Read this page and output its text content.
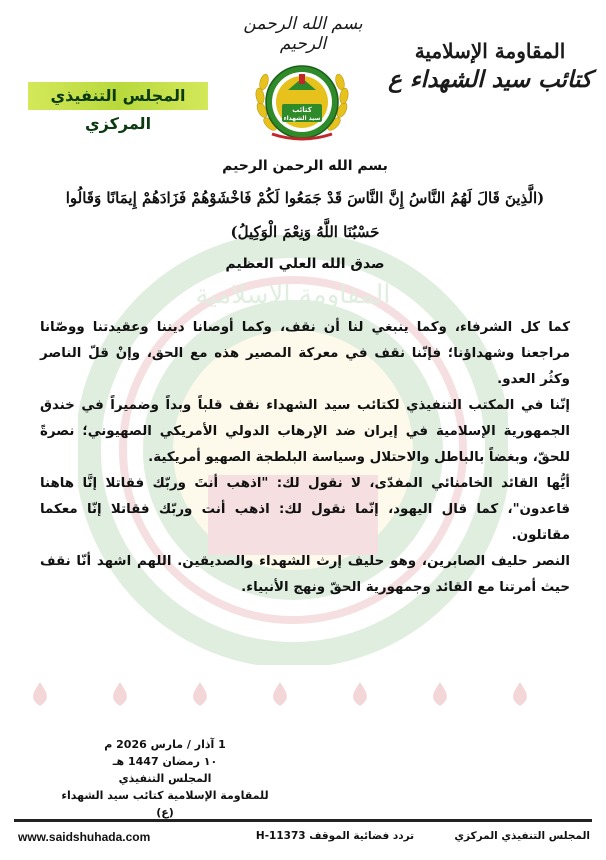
المقاومة الإسلامية
بسم الله الرحمن الرحيم
كتائب
سيد الشهداء
المقاومة الإسلامية
كتائب سيد الشهداء ع
المجلس التنفيذي المركزي
بسم الله الرحمن الرحيم
(الَّذِينَ قَالَ لَهُمُ النَّاسُ إِنَّ النَّاسَ قَدْ جَمَعُوا لَكُمْ فَاخْشَوْهُمْ فَزَادَهُمْ إِيمَانًا وَقَالُوا حَسْبُنَا اللَّهُ وَنِعْمَ الْوَكِيلُ)
صدق الله العلي العظيم

كما كل الشرفاء، وكما ينبغي لنا أن نقف، وكما أوصانا ديننا وعقيدتنا ووصّانا مراجعنا وشهداؤنا؛ فإنّنا نقف في معركة المصير هذه مع الحق، وإنْ قلّ الناصر وكثُر العدو.

إنّنا في المكتب التنفيذي لكتائب سيد الشهداء نقف قلباً وبداً وضميراً في خندق الجمهورية الإسلامية في إيران ضد الإرهاب الدولي الأمريكي الصهيوني؛ نصرةً للحقّ، وبغضاً بالباطل والاحتلال وسياسة البلطجة الصهيو أمريكية.

أيُّها القائد الخامنائي المفدّى، لا نقول لك: "اذهب أنتَ وربّك فقاتلا إنَّا هاهنا قاعدون"، كما قال اليهود، إنّما نقول لك: اذهب أنت وربّك فقاتلا إنّا معكما مقاتلون.

النصر حليف الصابرين، وهو حليف إرث الشهداء والصديقين. اللهم اشهد أنّا نقف حيث أمرتنا مع القائد وجمهورية الحقّ ونهج الأنبياء.

1 آذار / مارس 2026 م
١٠ رمضان 1447 هـ
المجلس التنفيذي
للمقاومة الإسلامية كتائب سيد الشهداء (ع)
www.saidshuhada.com	تردد فضائية الموقف 11373-H	المجلس التنفيذي المركزي
